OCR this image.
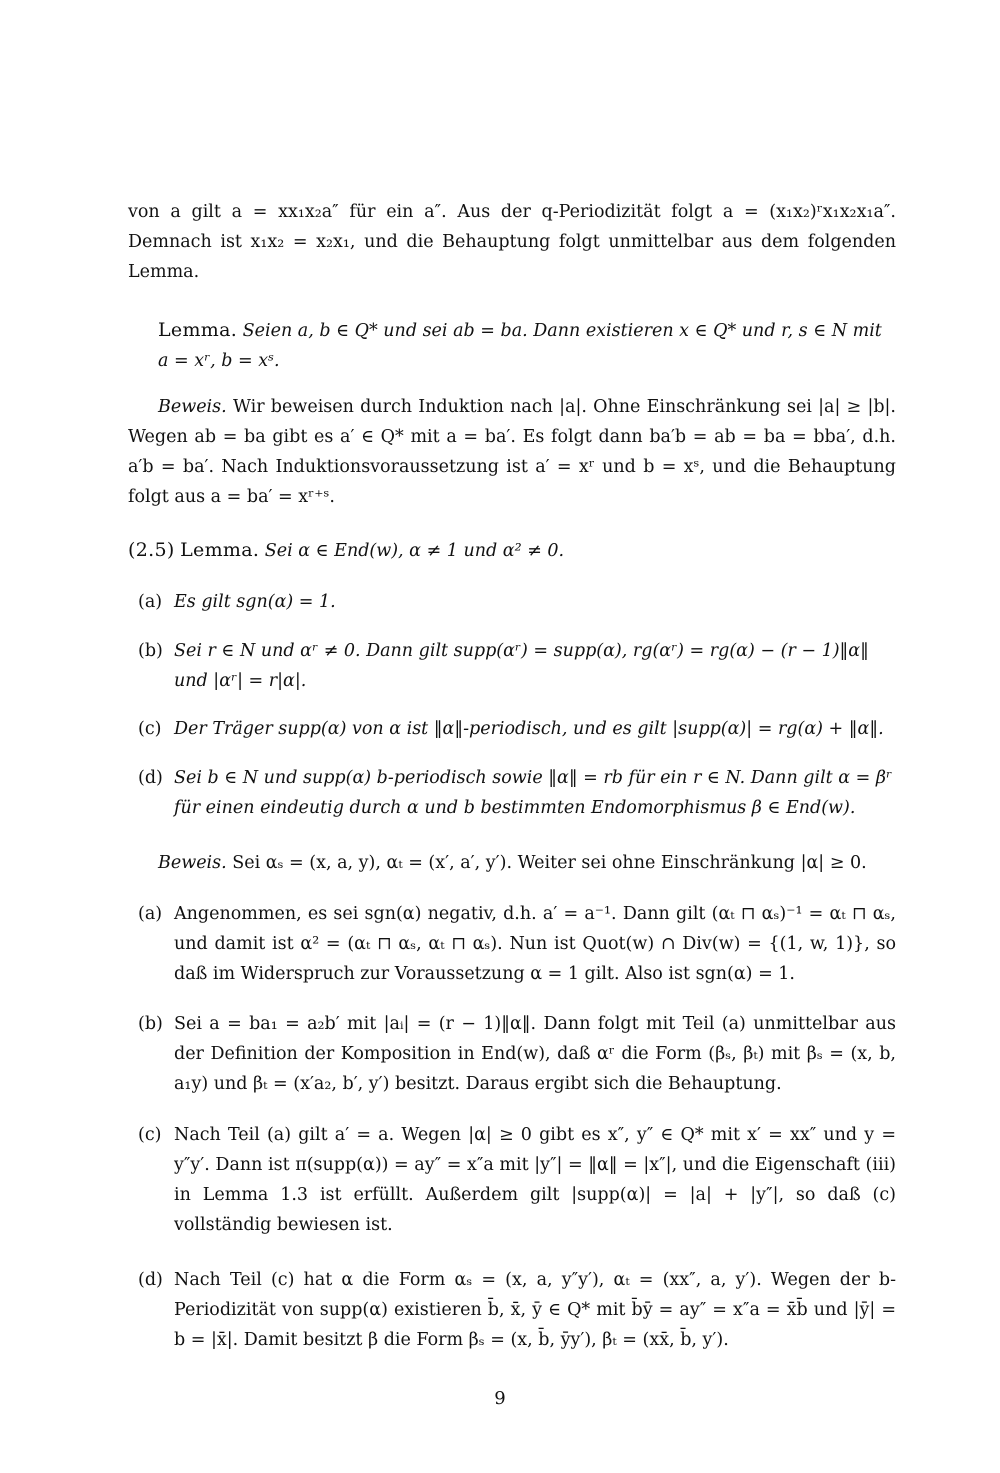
von a gilt a = xx₁x₂a″ für ein a″. Aus der q-Periodizität folgt a = (x₁x₂)ʳx₁x₂x₁a″. Demnach ist x₁x₂ = x₂x₁, und die Behauptung folgt unmittelbar aus dem folgenden Lemma.

Lemma. Seien a, b ∈ Q* und sei ab = ba. Dann existieren x ∈ Q* und r, s ∈ N mit a = xʳ, b = xˢ.

Beweis. Wir beweisen durch Induktion nach |a|. Ohne Einschränkung sei |a| ≥ |b|. Wegen ab = ba gibt es a′ ∈ Q* mit a = ba′. Es folgt dann ba′b = ab = ba = bba′, d.h. a′b = ba′. Nach Induktionsvoraussetzung ist a′ = xʳ und b = xˢ, und die Behauptung folgt aus a = ba′ = xʳ⁺ˢ.

(2.5) Lemma. Sei α ∈ End(w), α ≠ 1 und α² ≠ 0.

(a) Es gilt sgn(α) = 1.
(b) Sei r ∈ N und αʳ ≠ 0. Dann gilt supp(αʳ) = supp(α), rg(αʳ) = rg(α) − (r − 1)‖α‖ und |αʳ| = r|α|.
(c) Der Träger supp(α) von α ist ‖α‖-periodisch, und es gilt |supp(α)| = rg(α) + ‖α‖.
(d) Sei b ∈ N und supp(α) b-periodisch sowie ‖α‖ = rb für ein r ∈ N. Dann gilt α = βʳ für einen eindeutig durch α und b bestimmten Endomorphismus β ∈ End(w).

Beweis. Sei αₛ = (x, a, y), αₜ = (x′, a′, y′). Weiter sei ohne Einschränkung |α| ≥ 0.

(a) Angenommen, es sei sgn(α) negativ, d.h. a′ = a⁻¹. Dann gilt (αₜ ⊓ αₛ)⁻¹ = αₜ ⊓ αₛ, und damit ist α² = (αₜ ⊓ αₛ, αₜ ⊓ αₛ). Nun ist Quot(w) ∩ Div(w) = {(1, w, 1)}, so daß im Widerspruch zur Voraussetzung α = 1 gilt. Also ist sgn(α) = 1.
(b) Sei a = ba₁ = a₂b′ mit |aᵢ| = (r − 1)‖α‖. Dann folgt mit Teil (a) unmittelbar aus der Definition der Komposition in End(w), daß αʳ die Form (βₛ, βₜ) mit βₛ = (x, b, a₁y) und βₜ = (x′a₂, b′, y′) besitzt. Daraus ergibt sich die Behauptung.
(c) Nach Teil (a) gilt a′ = a. Wegen |α| ≥ 0 gibt es x″, y″ ∈ Q* mit x′ = xx″ und y = y″y′. Dann ist π(supp(α)) = ay″ = x″a mit |y″| = ‖α‖ = |x″|, und die Eigenschaft (iii) in Lemma 1.3 ist erfüllt. Außerdem gilt |supp(α)| = |a| + |y″|, so daß (c) vollständig bewiesen ist.
(d) Nach Teil (c) hat α die Form αₛ = (x, a, y″y′), αₜ = (xx″, a, y′). Wegen der b-Periodizität von supp(α) existieren b̄, x̄, ȳ ∈ Q* mit b̄ȳ = ay″ = x″a = x̄b̄ und |ȳ| = b = |x̄|. Damit besitzt β die Form βₛ = (x, b̄, ȳy′), βₜ = (xx̄, b̄, y′).
9
